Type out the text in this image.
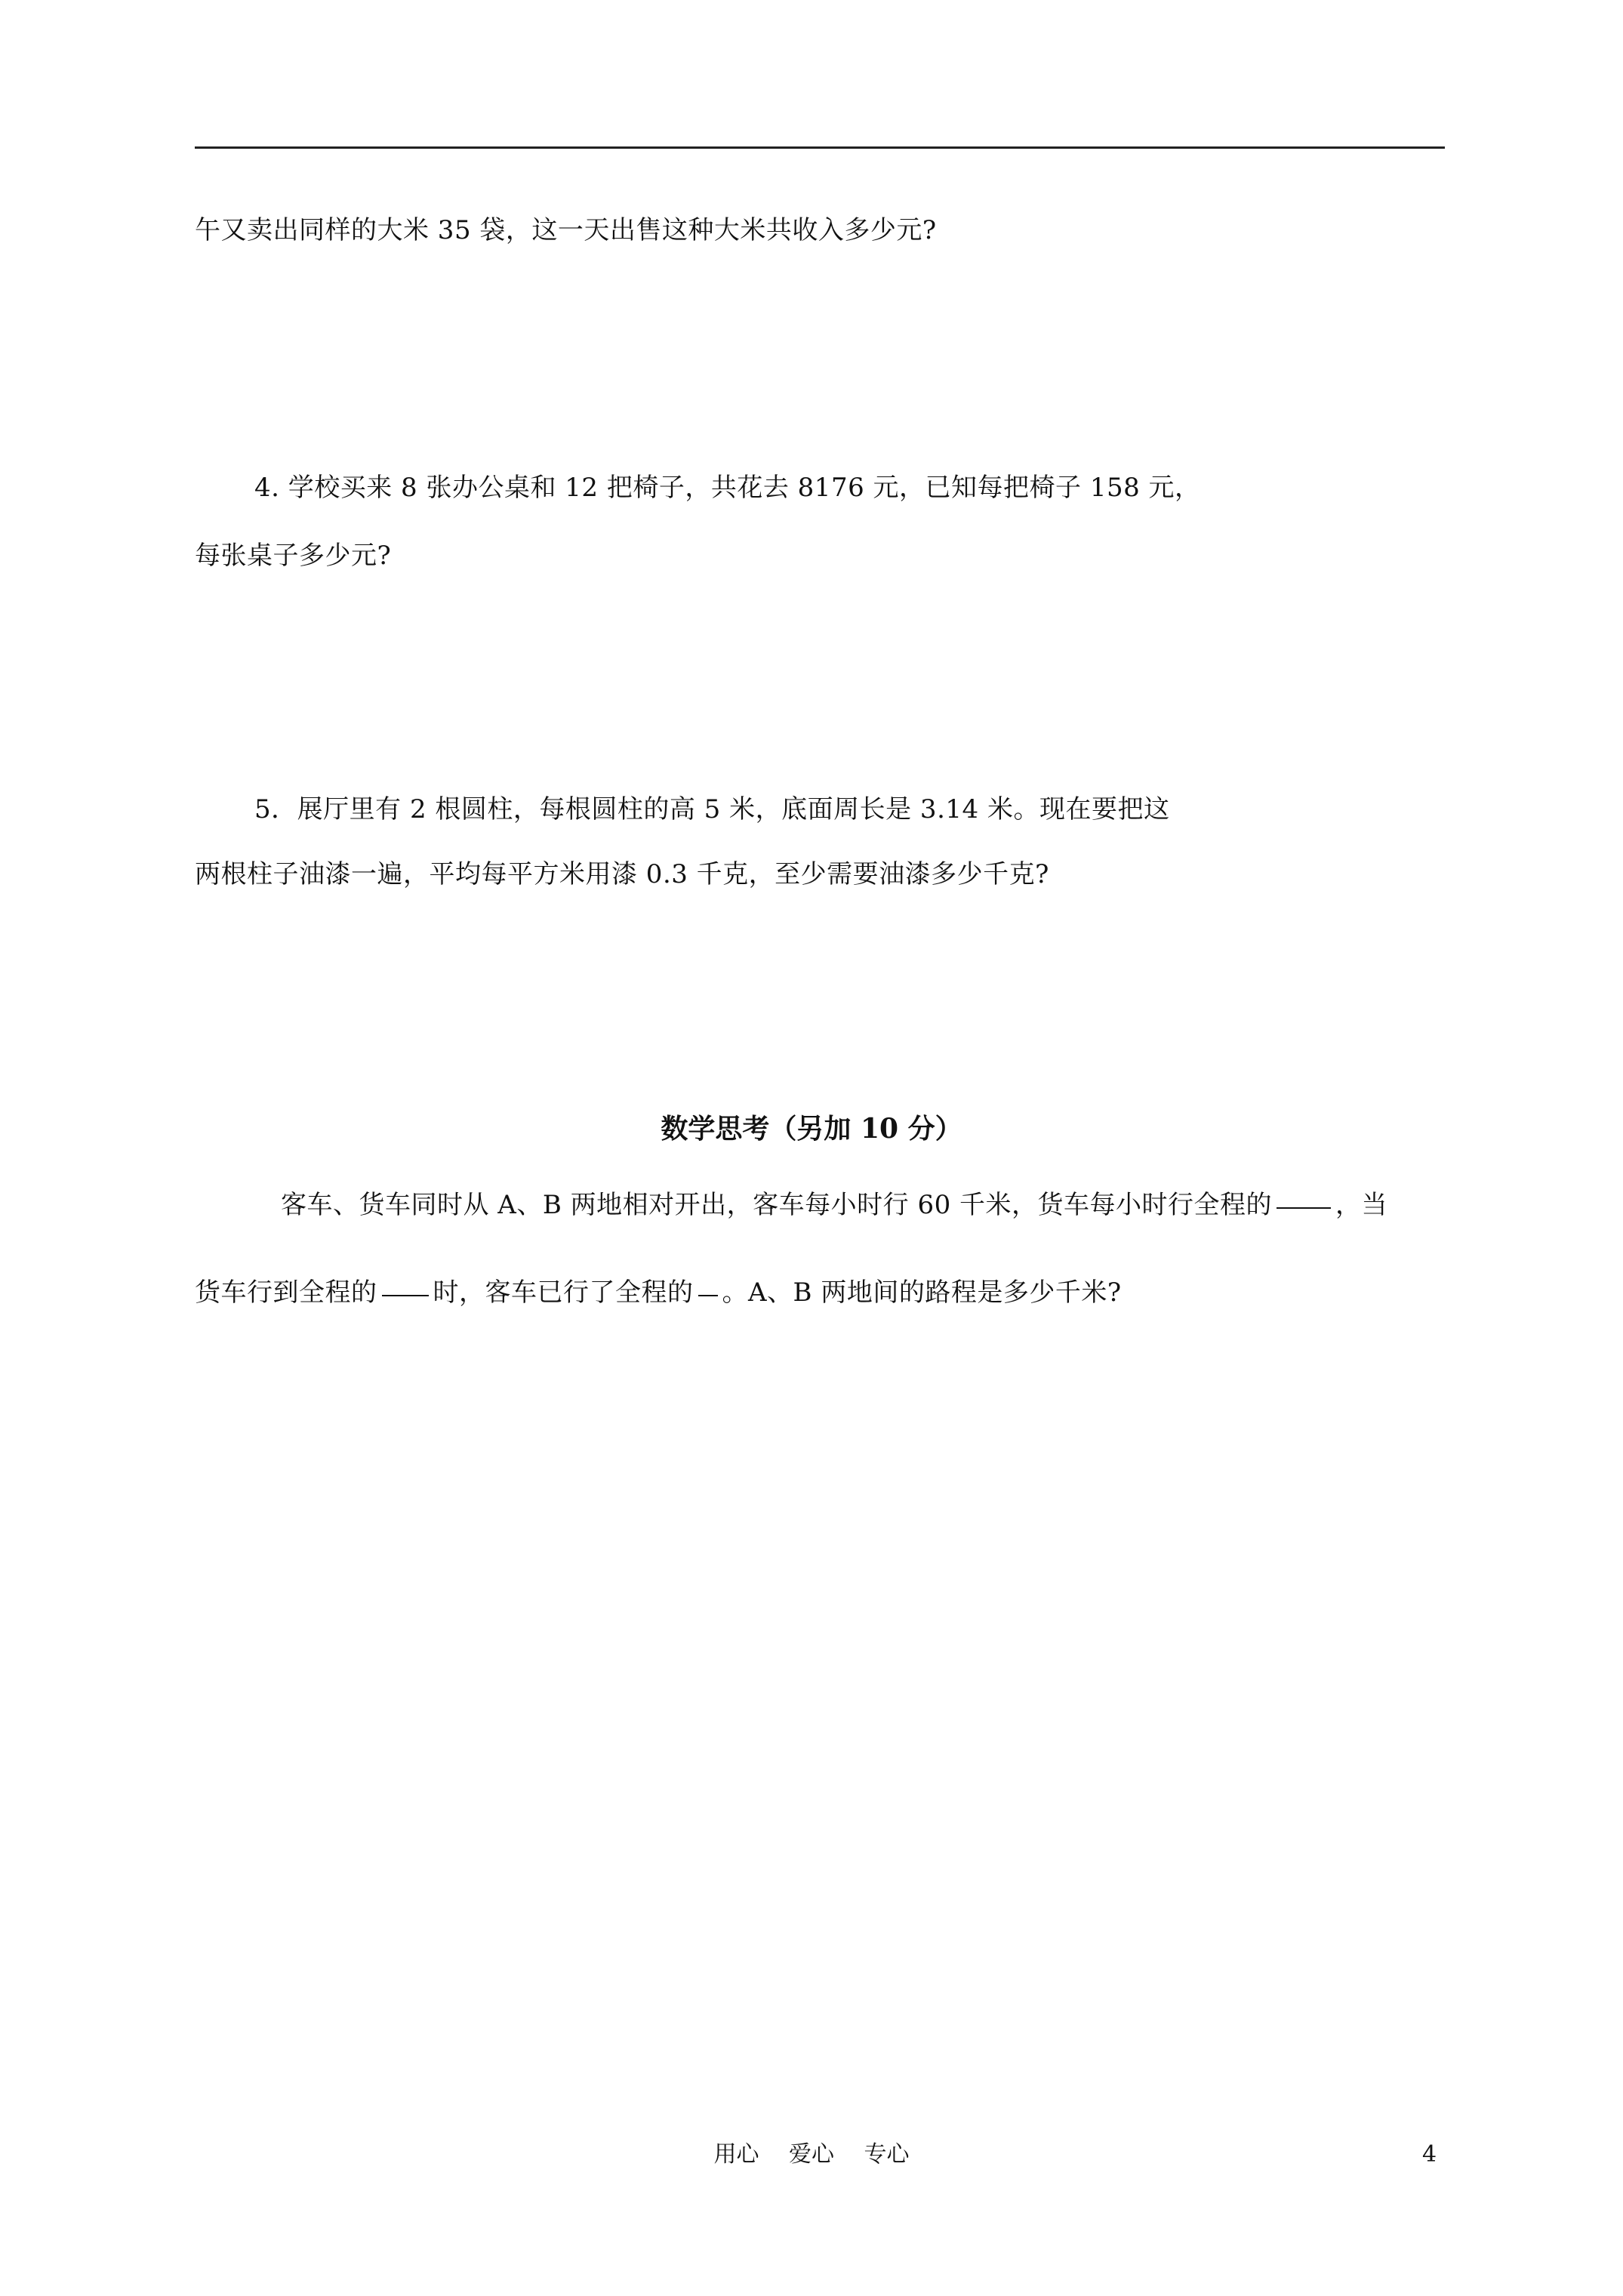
午又卖出同样的大米 35 袋，这一天出售这种大米共收入多少元?
4. 学校买来 8 张办公桌和 12 把椅子，共花去 8176 元，已知每把椅子 158 元，
每张桌子多少元?
5．展厅里有 2 根圆柱，每根圆柱的高 5 米，底面周长是 3.14 米。现在要把这
两根柱子油漆一遍，平均每平方米用漆 0.3 千克，至少需要油漆多少千克?
数学思考（另加 10 分）
客车、货车同时从 A、B 两地相对开出，客车每小时行 60 千米，货车每小时行全程的 ，当
货车行到全程的 时，客车已行了全程的 。A、B 两地间的路程是多少千米?
用心　 爱心　 专心	4
